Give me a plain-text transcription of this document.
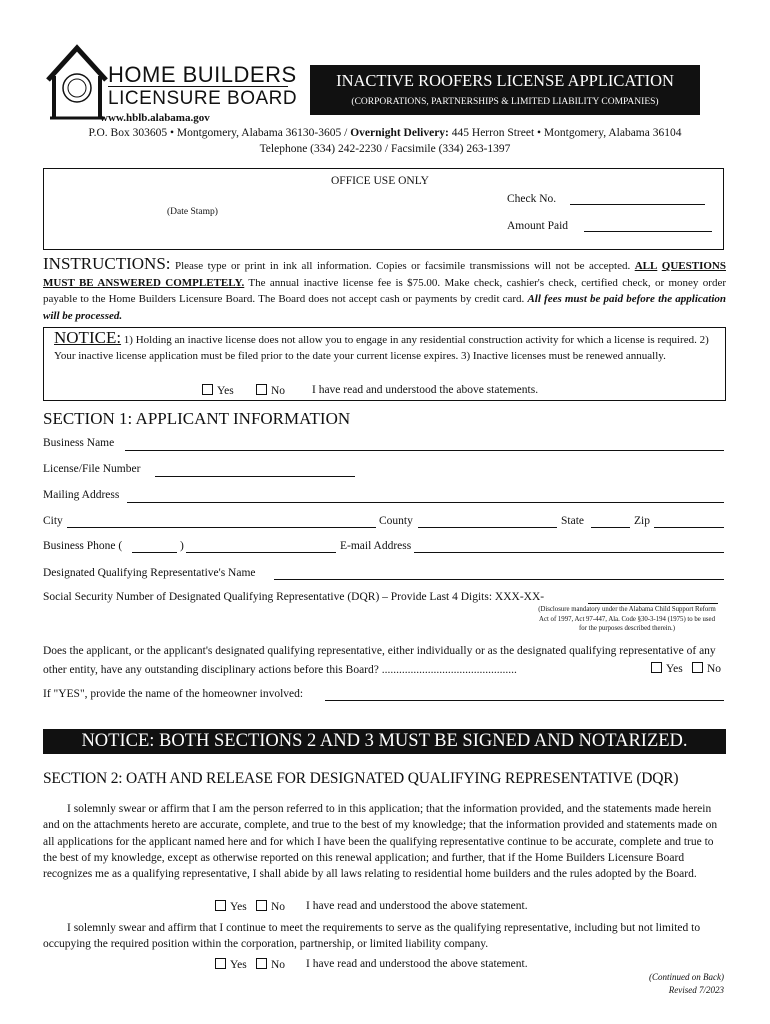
HOME BUILDERS
LICENSURE BOARD
www.hblb.alabama.gov
INACTIVE ROOFERS LICENSE APPLICATION
(CORPORATIONS, PARTNERSHIPS & LIMITED LIABILITY COMPANIES)
P.O. Box 303605 • Montgomery, Alabama 36130-3605 / Overnight Delivery: 445 Herron Street • Montgomery, Alabama 36104
Telephone (334) 242-2230 / Facsimile (334) 263-1397
OFFICE USE ONLY
(Date Stamp)
Check No.
Amount Paid
INSTRUCTIONS: Please type or print in ink all information. Copies or facsimile transmissions will not be accepted. ALL QUESTIONS MUST BE ANSWERED COMPLETELY. The annual inactive license fee is $75.00. Make check, cashier's check, certified check, or money order payable to the Home Builders Licensure Board. The Board does not accept cash or payments by credit card. All fees must be paid before the application will be processed.
NOTICE: 1) Holding an inactive license does not allow you to engage in any residential construction activity for which a license is required. 2) Your inactive license application must be filed prior to the date your current license expires. 3) Inactive licenses must be renewed annually.
Yes	No I have read and understood the above statements.
SECTION 1: APPLICANT INFORMATION
Business Name
License/File Number
Mailing Address
City	County	State	Zip
Business Phone (	)	E-mail Address
Designated Qualifying Representative's Name
Social Security Number of Designated Qualifying Representative (DQR) – Provide Last 4 Digits: XXX-XX-
(Disclosure mandatory under the Alabama Child Support Reform Act of 1997, Act 97-447, Ala. Code §30-3-194 (1975) to be used for the purposes described therein.)
Does the applicant, or the applicant's designated qualifying representative, either individually or as the designated qualifying representative of any other entity, have any outstanding disciplinary actions before this Board? ...............................................	Yes	No
If "YES", provide the name of the homeowner involved:
NOTICE: BOTH SECTIONS 2 AND 3 MUST BE SIGNED AND NOTARIZED.
SECTION 2: OATH AND RELEASE FOR DESIGNATED QUALIFYING REPRESENTATIVE (DQR)
I solemnly swear or affirm that I am the person referred to in this application; that the information provided, and the statements made herein and on the attachments hereto are accurate, complete, and true to the best of my knowledge; that the information provided and statements made on all applications for the applicant named here and for which I have been the qualifying representative continue to be accurate, complete and true to the best of my knowledge, except as otherwise reported on this renewal application; and further, that if the Home Builders Licensure Board recognizes me as a qualifying representative, I shall abide by all laws relating to residential home builders and the rules adopted by the Board.
Yes	No I have read and understood the above statement.
I solemnly swear and affirm that I continue to meet the requirements to serve as the qualifying representative, including but not limited to occupying the required position within the corporation, partnership, or limited liability company.
Yes	No I have read and understood the above statement.
(Continued on Back)
Revised 7/2023
